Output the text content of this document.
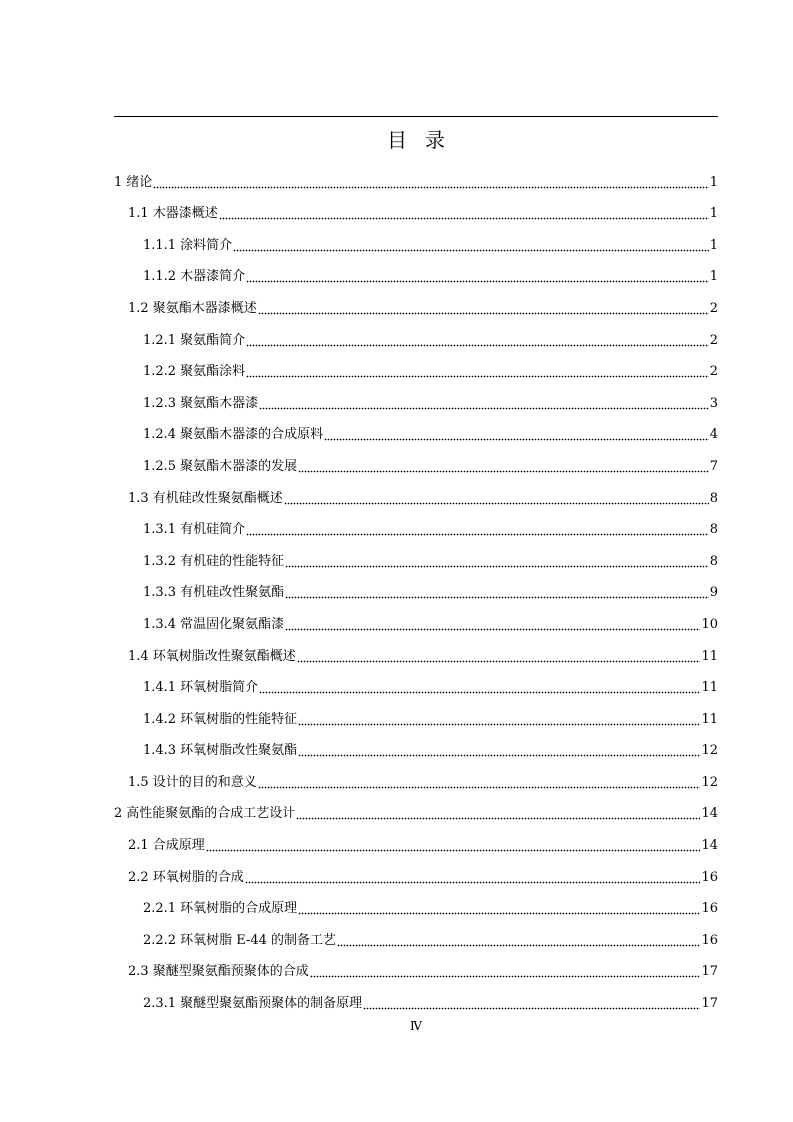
目录
1 绪论	1
1.1 木器漆概述	1
1.1.1 涂料简介	1
1.1.2 木器漆简介	1
1.2 聚氨酯木器漆概述	2
1.2.1 聚氨酯简介	2
1.2.2 聚氨酯涂料	2
1.2.3 聚氨酯木器漆	3
1.2.4 聚氨酯木器漆的合成原料	4
1.2.5 聚氨酯木器漆的发展	7
1.3 有机硅改性聚氨酯概述	8
1.3.1 有机硅简介	8
1.3.2 有机硅的性能特征	8
1.3.3 有机硅改性聚氨酯	9
1.3.4 常温固化聚氨酯漆	10
1.4 环氧树脂改性聚氨酯概述	11
1.4.1 环氧树脂简介	11
1.4.2 环氧树脂的性能特征	11
1.4.3 环氧树脂改性聚氨酯	12
1.5 设计的目的和意义	12
2 高性能聚氨酯的合成工艺设计	14
2.1 合成原理	14
2.2 环氧树脂的合成	16
2.2.1 环氧树脂的合成原理	16
2.2.2 环氧树脂 E-44 的制备工艺	16
2.3 聚醚型聚氨酯预聚体的合成	17
2.3.1 聚醚型聚氨酯预聚体的制备原理	17
Ⅳ
